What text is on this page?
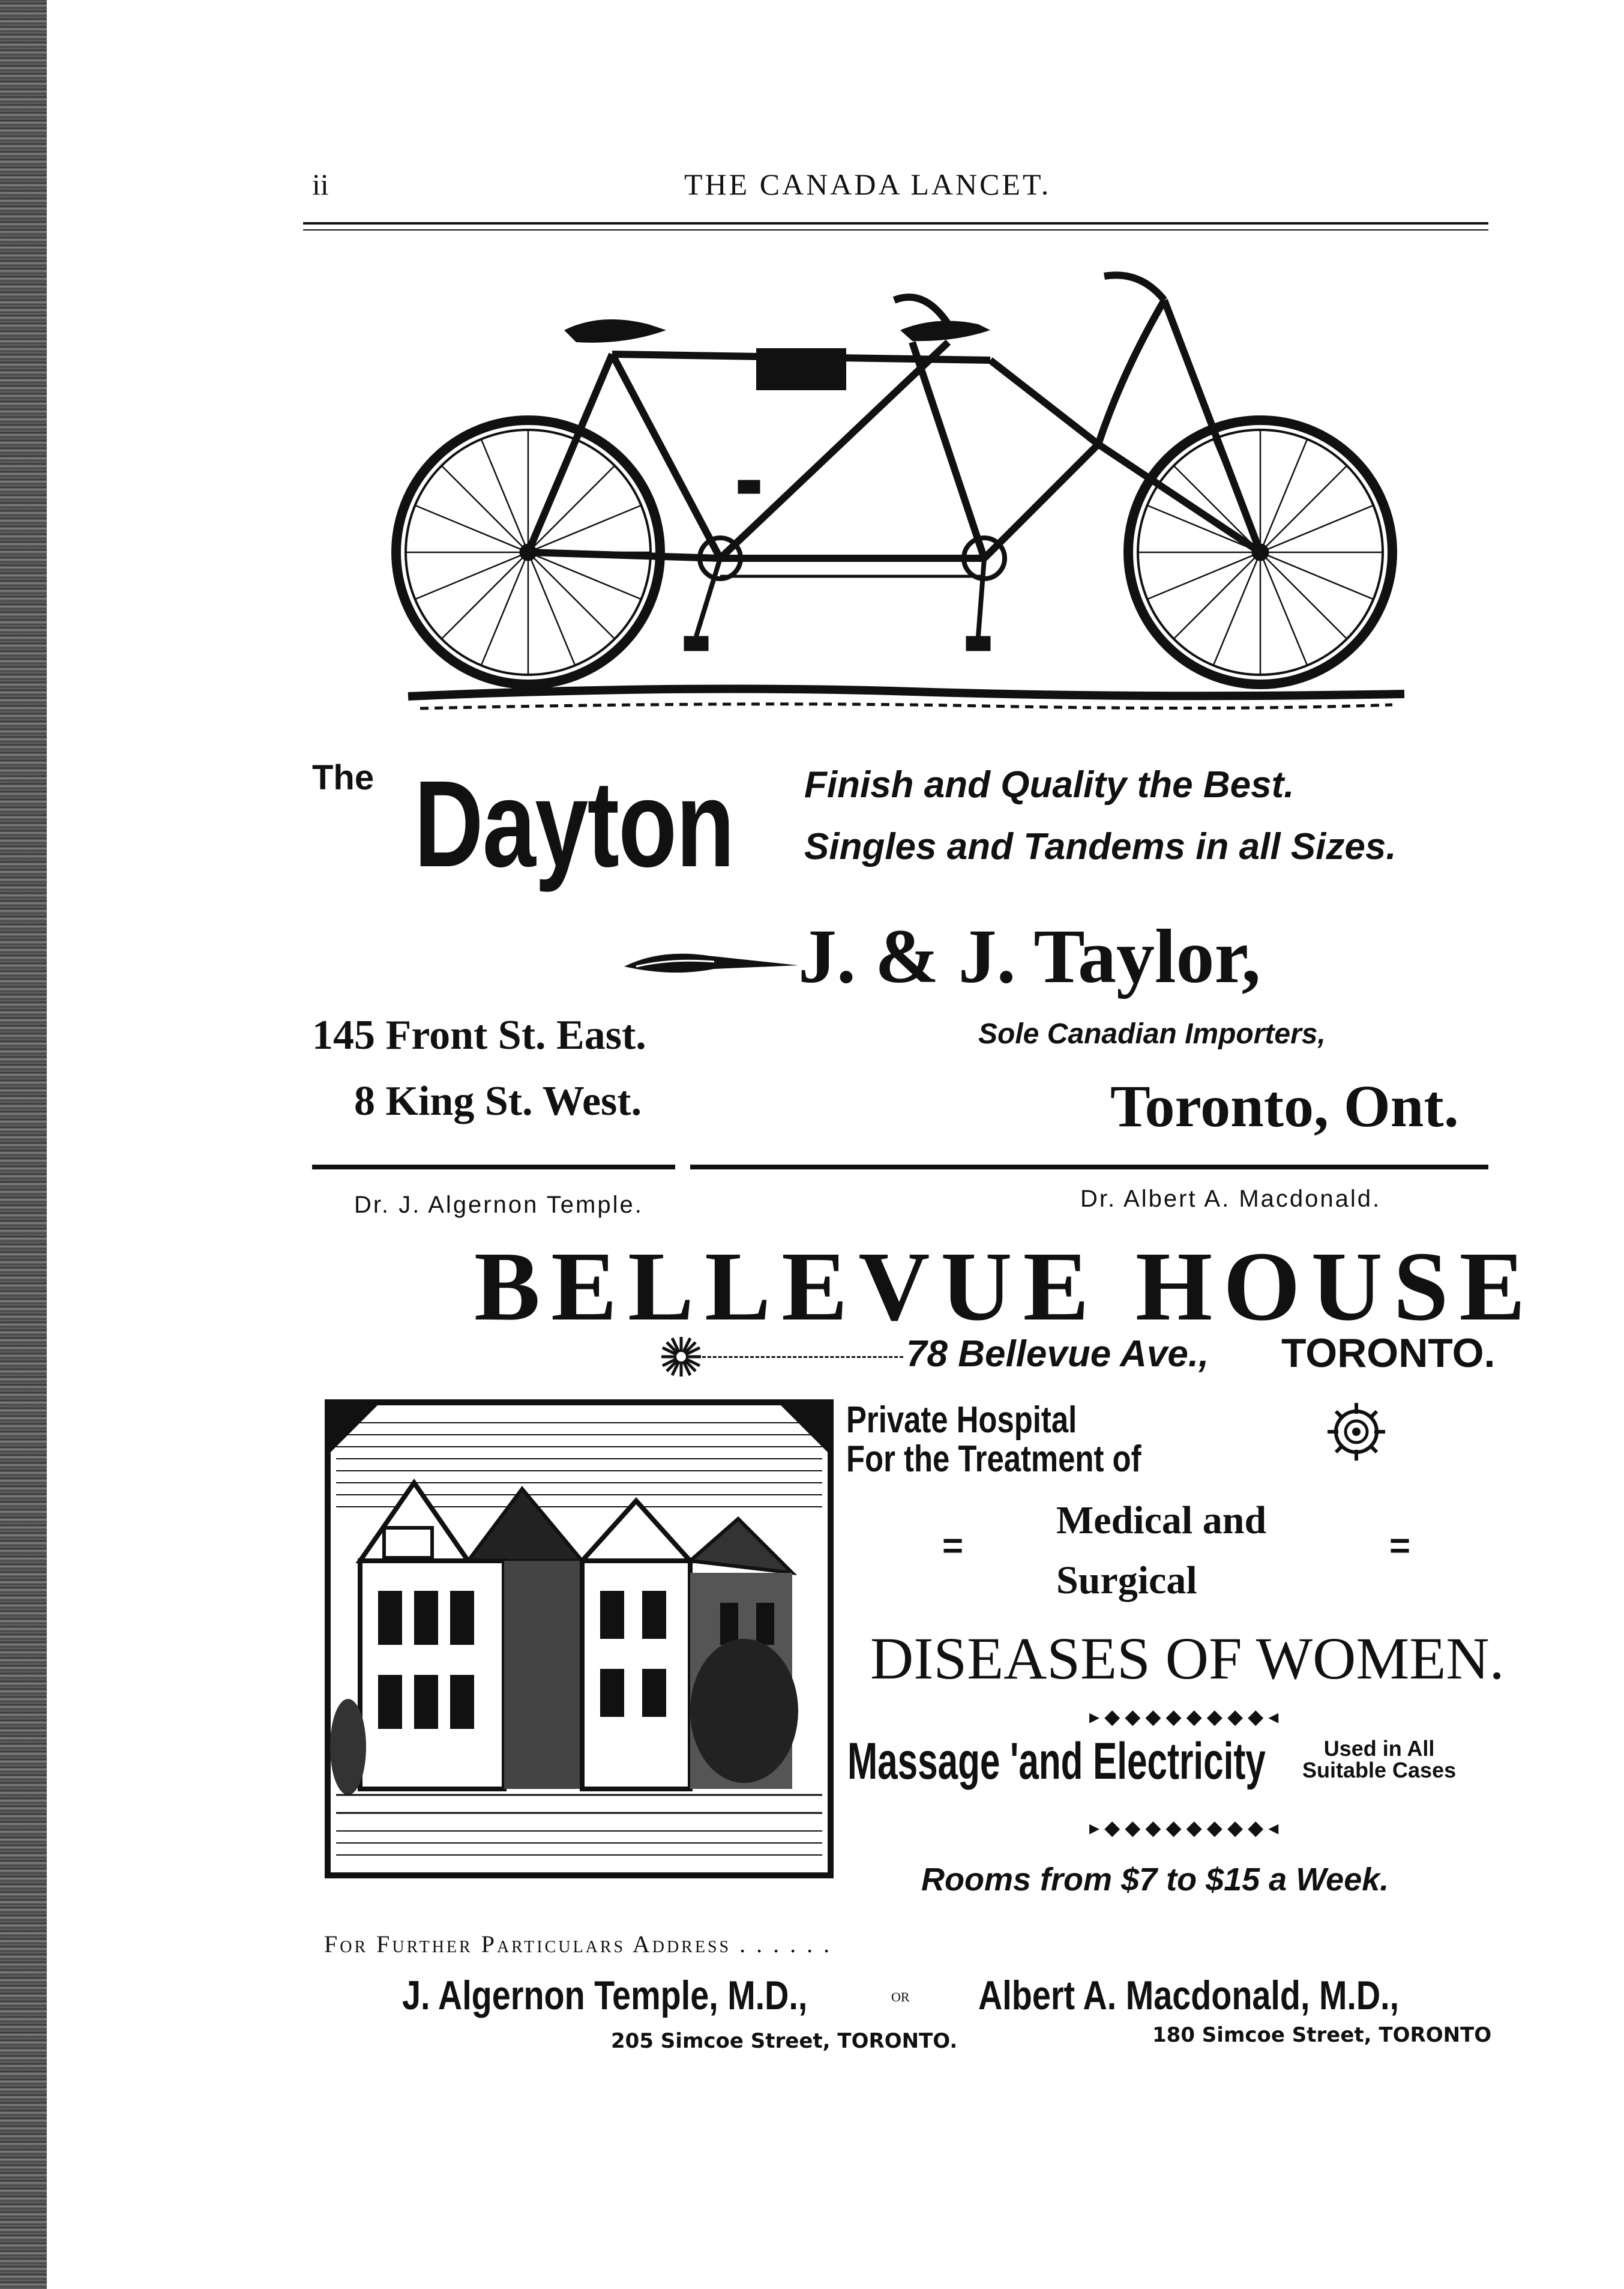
ii	THE CANADA LANCET.
The Dayton Finish and Quality the Best.
Singles and Tandems in all Sizes.
J. & J. Taylor,
145 Front St. East.
8 King St. West.
Sole Canadian Importers,
Toronto, Ont.
Dr. J. Algernon Temple.	Dr. Albert A. Macdonald.
BELLEVUE HOUSE
78 Bellevue Ave., TORONTO.
Private Hospital
For the Treatment of
=
Medical and
=
Surgical
DISEASES OF WOMEN.
▸◆◆◆◆◆◆◆◆◂
Massage 'and Electricity	Used in All
Suitable Cases
▸◆◆◆◆◆◆◆◆◂
Rooms from $7 to $15 a Week.
For Further Particulars Address . . . . . .
J. Algernon Temple, M.D.,	or Albert A. Macdonald, M.D.,
205 Simcoe Street, TORONTO.	180 Simcoe Street, TORONTO
